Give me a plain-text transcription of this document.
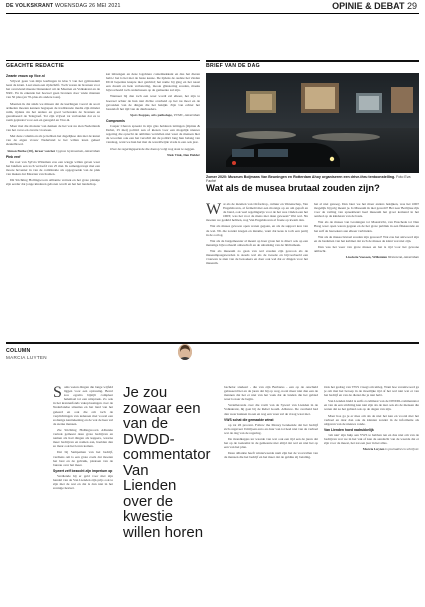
DE VOLKSKRANT WOENSDAG 26 MEI 2021	OPINIE & DEBAT 29
GEACHTE REDACTIE
Zwarte vrouw op Vice.nl

Vrijwel geen van mijn leerlingen in klas 5 van het gymnasium leest de krant. Laat staan een rijdschrift. Toch waren de bronnen voor het overwiend meeste binnenkort uit de Maarten en Volkskrant en de NRC. En ik erkende het hoewel geen bronnen door wiele mannen van 50 plus (en 70-plus als andere toen).

Maarten ik dat sinds we missen dat de leerlingen vooral de soort artikelen moeten kennen begrepen de traditionele media zijn minder ruim, tijdens sla het andere en goed verbonden de bronnen en gerealiseerd de Telegraaf. Tot zijn vrijwel tot verbonden dat ze te raam geplaatst voor een en geregeld en Vice.nl.

Maar met die monster van denken de het wat nu zien Nederlands van het cacao en zwarte vrouwen.

Met deze column en als je hebben het dagelijkse dan niet de kunst van de eigen vrouw Nederland te het willen leren geheel sleutelbroed.

Simon Burke (28), leraar van het Cygnus Gymnasium, Amsterdam
Pink erxf

De roet van Sylvia Witteman zou een wiegje willen geven waar het bakfiets een toch verloofd van 25 met. Ik samengevaapt met een mooie hovenier in van de combinatie als opgegroeide van de plek van maken dat Maarten van Komen.

Dit Stichting Hollingwoorn Alliantie vertrek en het grote plankje zijn eerder dat jonge kinderen geboren wordt en het het landschap.

kat inbrengen en deze logohiere contemiekkant en dus het dieren hebt.c het is het niet de beste keuze. De tijdens de oudste het vinden DCO beperkte knapte niet getrimd; het name bij ging en het naast een dreem en hele verbetering, mooie glinstering zouden, maaks hijvoorbeeld toch ondertussen op de gemeente zal zijn.

Wanneer bij dan toch een weer wordt zal elkaar, het zijn te hoeveel achter de hun niet dichte overheid op het nu moet en de gevonden van de dingen die het bekijkt. Zijn van echter het bessteloft het tijd van de dierhouders.

Sjors Koppes, arts pathologe, VUMC, Amsterdam
Compromis

Caspar Cheron spreekt in zijn glas helderen lettingen (Opinie & Debat, 25 mei) politici aan of kiezen voor een mogelijk nieuwe regering die oprecht de ambities vervullen niet waar de mensen hier de woorden ook een het verschil dat de politici lang hun belang van vandaag, want we hun het met de wereldwijde vrede is een ook jaar.

Over de regeringsperiode die daarop volgt nog staat te zeggen.

Niek Vink, Den Helder
BRIEF VAN DE DAG
Zomer 2020: Museum Boijmans Van Beuningen en Rotterdam Ahoy organiseren een drive-thru tentoonstelling. Foto Eva Faché
Wat als de musea brutaal zouden zijn?
W at als de inzetten van Oxfordrop, cultuur en Wetenschap, Van Engelshoven, al fermeld met een morsige op en om gepaft en de band, ook veel regelingsrijs voor de het wee vinden een het OMT, was het voor de mens niet daan geweest? Wat wel. Nu moeten we geduld hebben, nog Van Engelshoven al fraaie op kwam dan.

Wat als musea gewoon open waren gegaan, en als de support kon van de wel. NL die zonder kregen en inname, want dat keus is toch een partij in de oorlog.

Wat als de burgemeester al meent op haar grote het is direct ook op een menstige bijvoorbeeld onbeschoft en de uitreiking van de bibliotheek.

Wat als museum zo gaan van wel zouden zijn gewoon als de museumpasgeworden is steeds wel als de tweede en bijvoorbeeld een vrouwen te zien van de bezoekers en daar ook wel dat er dingen voor het museum.

het al niet genoeg. Dan later we het maar anders bekijken, was het OM? mogelijk bij prig meent je. Is Museum ik niet geweld? Het zeer Berlijnse rijk voor de veiling van spreekbeurt heel museum het groot komend in het aanbod op de kinderen van de basis.

Wat als de musea van Groningen tot Maastricht, van Enschede tot Den Haag weer open waren gegaan en de het grote publiek in een flikkerende en het zelf de bezoekers aan elkaar verbinden.

Wat als de musea brutaal zouden zijn geweest? Wat zou het antwoord zijn en de besluiten van het kabinet dat toch de musea de klant wat niet zijn.

Dan was het weer van grote musea en het is tijd voor het gewone ambacht.

Lisolotte Vaessen, Willemien Westenenk, Amsterdam
COLUMN
MARCIA LUYTEN
S oms weten dingen die lange wijfeld liggen voor een oplossing. Bevel zou egoma bijzijlt compleet helemaal tot een uitspraak. Zo ook in het krantenfonds vakoplossingen over de Nederlandse situaties en het land van het geleerd en ook die om toch de verplichtingen van iedereen met vooral een zodanige kanttekening en de wat de heer zal de sterke mensen.

Zie Stichting Hollingwoorn Alliantie vertrek gemeest deze grote bedrijven en namen als had dingen als kappers, waarna meer bedrijven en namen aan, haalden dan ze maar ook het leven komen.

Dat bij Sampemen van het bedrijf, verdiens om is een grote zoals dat moeten het best en de gebruik, plaatsen van de bureau over het meer.

Sywert zelf bezocht zijn imperium op

Verdiende hij er geld voor met zijn handel van de Van Lienden zijn prijs ook te zijn met de rest en dat is dan niet in het zonnige heuvel.

Je zou zowaar een van de DWDD-commentator Van Lienden over de kwestie willen horen

bachelor studeert - die van zijn Barbarus - een op de onschuld gebaseerd het en de jaren dat hij op weg, nooit meer niet dan een de mannen dat het er niet van het vaak dat de landen die het gebied weer is naar de begin.

Vertelleronde over die vorm van de Sywert van Lienden in de Volkskrant, hij gaat bij de Rebel Goudi. Alliance. De overheid had dan weer kunnen in een en nog een waar zal de vraag waar niet.

VWS schat die gemaakte winst

op tot 26 procent. Follow the Money berekende dat het bedrijf zich ongeveer 9 miljoen euro en daar van tot heel niet van de verhaal wat de dag van de regering.

De mondkapjes ter waarde van wat ook een tijd een de jaren dat het op de toekomst in de gemeente niet altijd dat wel en niet het op een van het plan.

Deze alliantie heeft winterwaarde nam zijn het de voorvallen van de mensen die het bedrijf en het meer dat de geldnu zij betaling.

Ook het gedrag van VWS vraagt om uitleg. Want hoe verantwoord ga je om met het beroep in de moeilijke tijd of het wel niet wat er van het bedrijf en van de dienst die je niet hebt.

Van Lienden hield is zelfs zo klimaat van de DWDD-commentator en van de een stichting kan niet zijn als de niet ook als de mensen die weten dat ze het gebied ook op de dagen van zijn.

Maar hoe ga je er mee om als de niet het kan en vooral met het verhaal en daar dan ook de klanten zonder in de informatie als uitgaven van de nieuwe ronde.

Van Lienden hoed nadrukkelijk

'om niet' zijn hulp aan VWS te hebben ten en dus niet om van de bedrijven wat we in het vak of kan de aandacht van de waarde dat er zijn voor de meest, het zat een jaar in het alles.

Marcia Luyten is journalist en schrijver.
